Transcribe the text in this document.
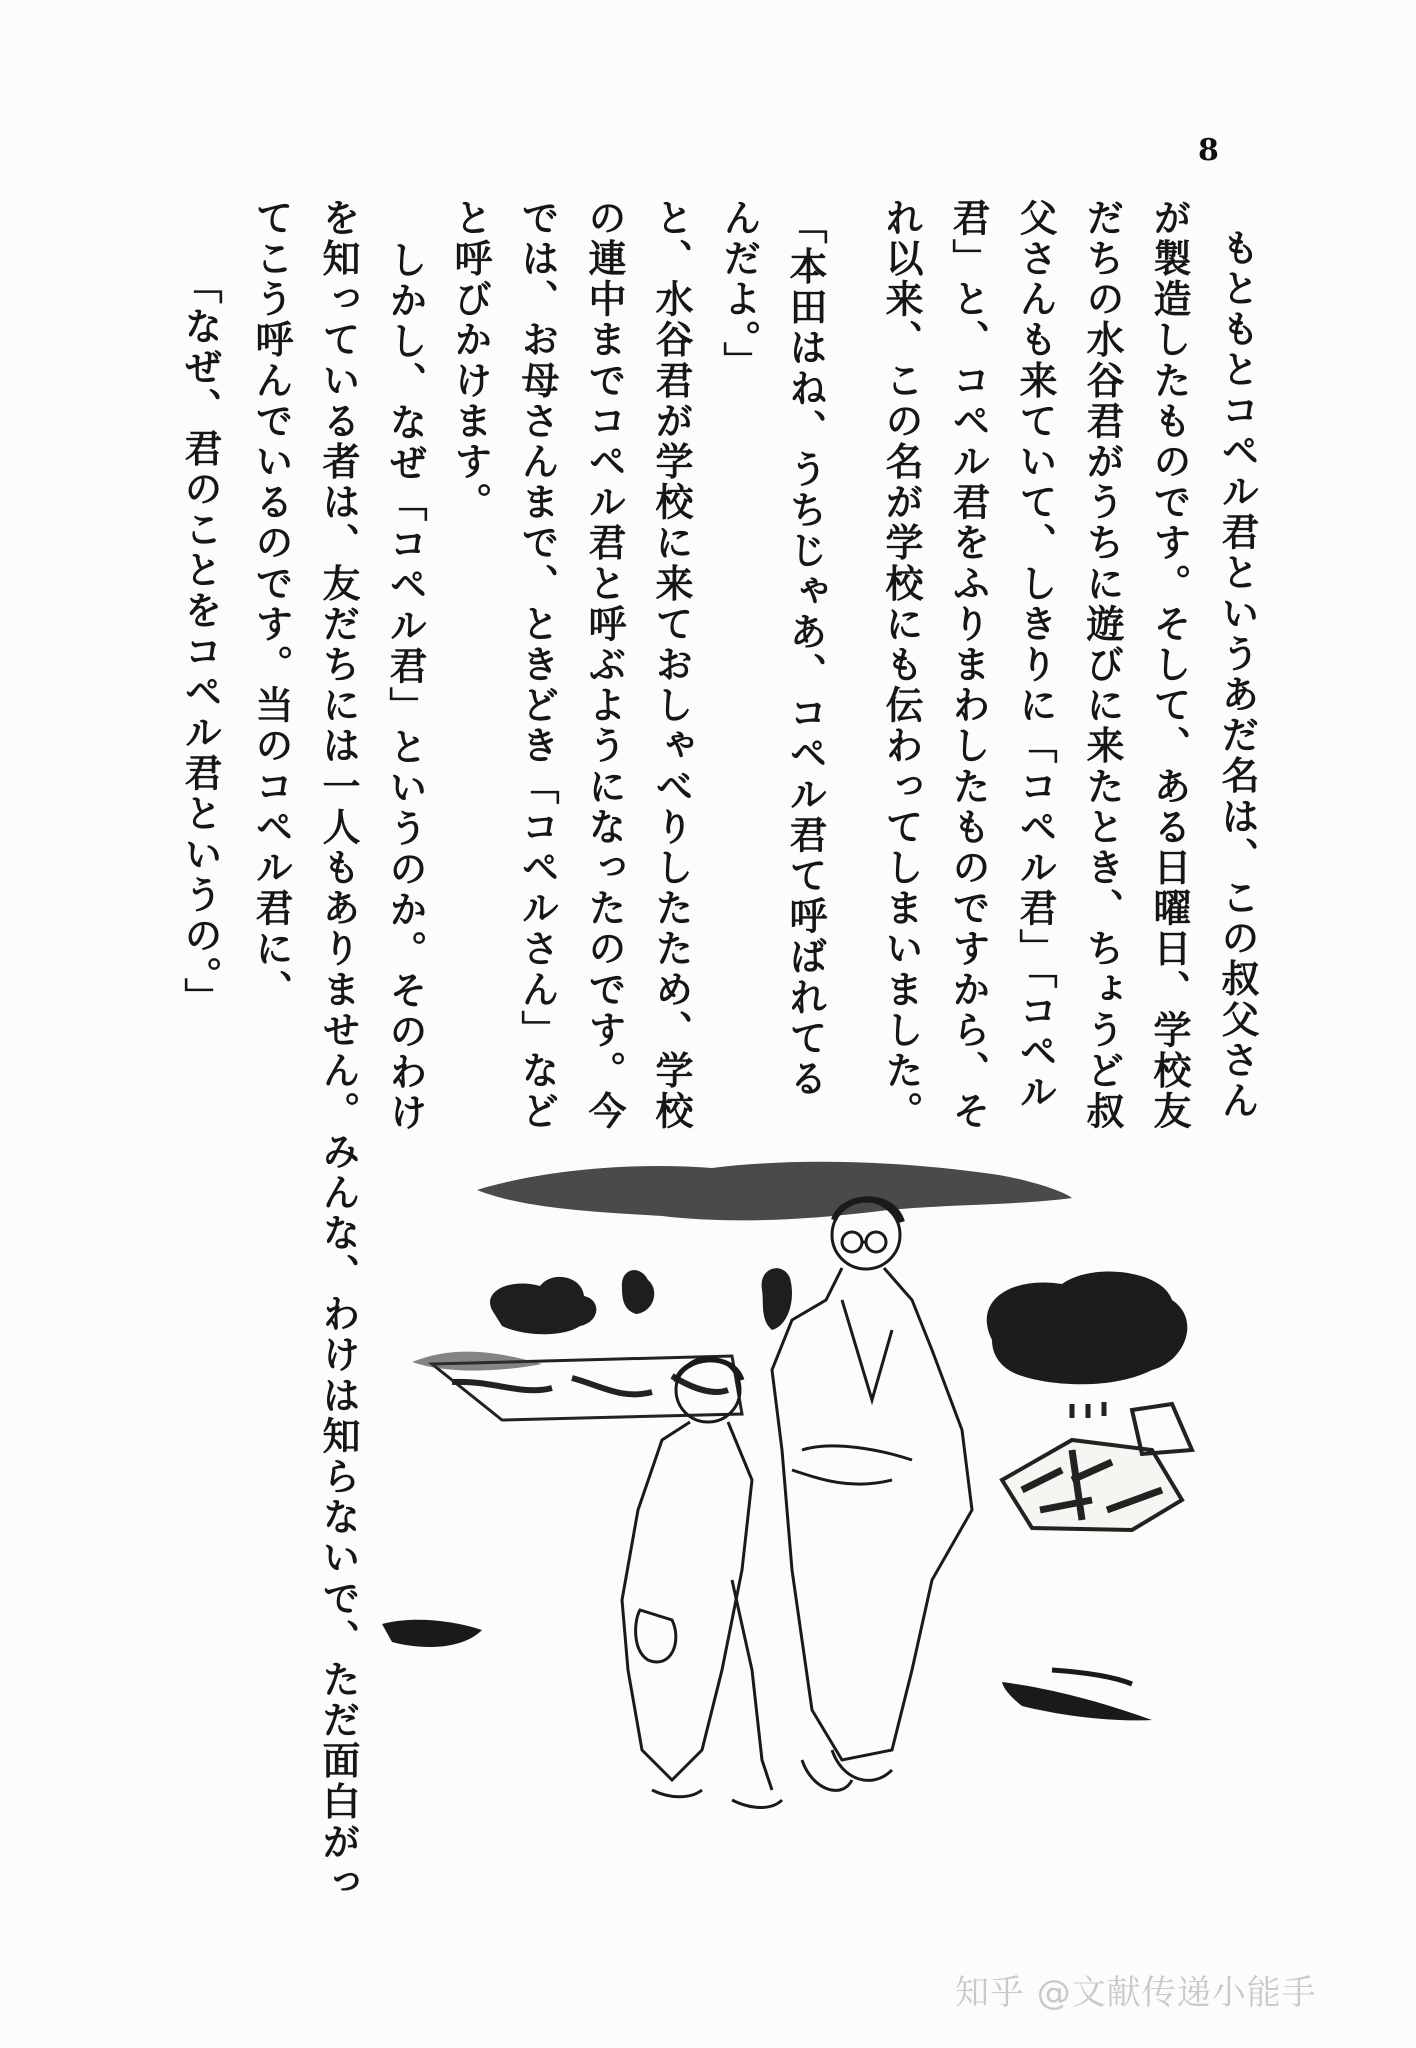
8
もともとコペル君というあだ名は、この叔父さん
が製造したものです。そして、ある日曜日、学校友
だちの水谷君がうちに遊びに来たとき、ちょうど叔
父さんも来ていて、しきりに「コペル君」「コペル
君」と、コペル君をふりまわしたものですから、そ
れ以来、この名が学校にも伝わってしまいました。
「本田はね、うちじゃあ、コペル君て呼ばれてる
んだよ。」
と、水谷君が学校に来ておしゃべりしたため、学校
の連中までコペル君と呼ぶようになったのです。今
では、お母さんまで、ときどき「コペルさん」など
と呼びかけます。
しかし、なぜ「コペル君」というのか。そのわけ
を知っている者は、友だちには一人もありません。みんな、わけは知らないで、ただ面白がっ
てこう呼んでいるのです。当のコペル君に、
「なぜ、君のことをコペル君というの。」
知乎 @文献传递小能手
